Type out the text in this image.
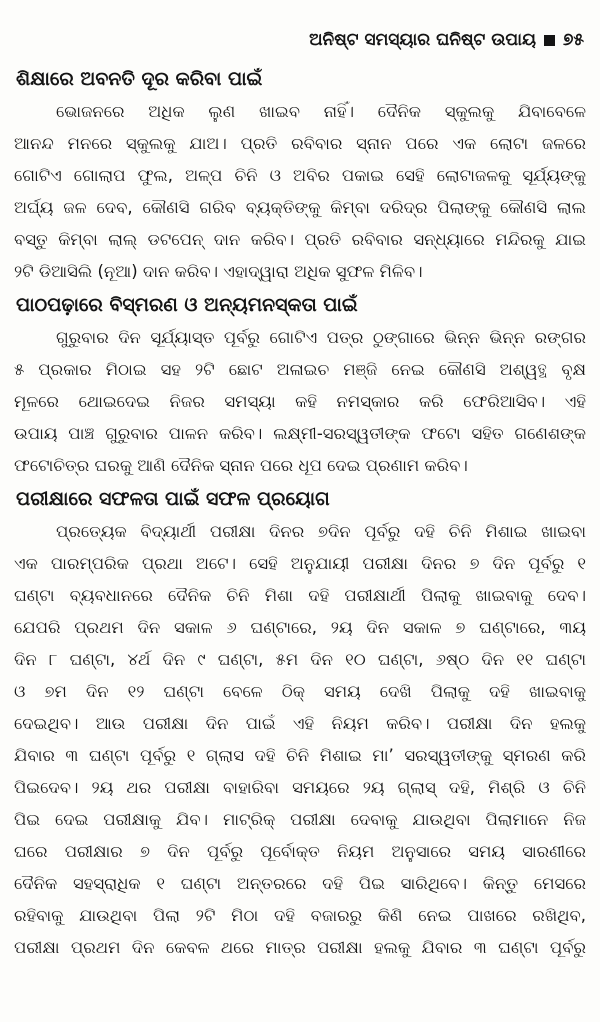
ଅନିଷ୍ଟ ସମସ୍ୟାର ଘନିଷ୍ଟ ଉପାୟ ୭୫
ଶିକ୍ଷାରେ ଅବନତି ଦୂର କରିବା ପାଇଁ
ଭୋଜନରେ ଅଧିକ ଲୁଣ ଖାଇବ ନାହିଁ। ଦୈନିକ ସ୍କୁଲକୁ ଯିବାବେଳେ
ଆନନ୍ଦ ମନରେ ସ୍କୁଲକୁ ଯାଅ। ପ୍ରତି ରବିବାର ସ୍ନାନ ପରେ ଏକ ଲୋଟା ଜଳରେ
ଗୋଟିଏ ଗୋଲାପ ଫୁଲ, ଅଳ୍ପ ଚିନି ଓ ଅବିର ପକାଇ ସେହି ଲୋଟାଜଳକୁ ସୂର୍ଯ୍ୟଙ୍କୁ
ଅର୍ଘ୍ୟ ଜଳ ଦେବ, କୌଣସି ଗରିବ ବ୍ୟକ୍ତିଙ୍କୁ କିମ୍ବା ଦରିଦ୍ର ପିଲାଙ୍କୁ କୌଣସି ଲାଲ
ବସ୍ତୁ କିମ୍ବା ଲାଲ୍ ଡଟପେନ୍ ଦାନ କରିବ। ପ୍ରତି ରବିବାର ସନ୍ଧ୍ୟାରେ ମନ୍ଦିରକୁ ଯାଇ
୨ଟି ଡିଆସିଲି (ନୂଆ) ଦାନ କରିବ। ଏହାଦ୍ୱାରା ଅଧିକ ସୁଫଳ ମିଳିବ।
ପାଠପଢ଼ାରେ ବିସ୍ମରଣ ଓ ଅନ୍ୟମନସ୍କତା ପାଇଁ
ଗୁରୁବାର ଦିନ ସୂର୍ଯ୍ୟାସ୍ତ ପୂର୍ବରୁ ଗୋଟିଏ ପତ୍ର ଠୁଙ୍ଗାରେ ଭିନ୍ନ ଭିନ୍ନ ରଙ୍ଗର
୫ ପ୍ରକାର ମିଠାଇ ସହ ୨ଟି ଛୋଟ ଅଳାଇଚ ମଞ୍ଜି ନେଇ କୌଣସି ଅଶ୍ୱତ୍ଥ ବୃକ୍ଷ
ମୂଳରେ ଥୋଇଦେଇ ନିଜର ସମସ୍ୟା କହି ନମସ୍କାର କରି ଫେରିଆସିବ। ଏହି
ଉପାୟ ପାଞ୍ଚ ଗୁରୁବାର ପାଳନ କରିବ। ଲକ୍ଷ୍ମୀ-ସରସ୍ୱତୀଙ୍କ ଫଟୋ ସହିତ ଗଣେଶଙ୍କ
ଫଟୋଚିତ୍ର ଘରକୁ ଆଣି ଦୈନିକ ସ୍ନାନ ପରେ ଧୂପ ଦେଇ ପ୍ରଣାମ କରିବ।
ପରୀକ୍ଷାରେ ସଫଳତା ପାଇଁ ସଫଳ ପ୍ରୟୋଗ
ପ୍ରତ୍ୟେକ ବିଦ୍ୟାର୍ଥୀ ପରୀକ୍ଷା ଦିନର ୭ଦିନ ପୂର୍ବରୁ ଦହି ଚିନି ମିଶାଇ ଖାଇବା
ଏକ ପାରମ୍ପରିକ ପ୍ରଥା ଅଟେ। ସେହି ଅନୁଯାୟୀ ପରୀକ୍ଷା ଦିନର ୭ ଦିନ ପୂର୍ବରୁ ୧
ଘଣ୍ଟା ବ୍ୟବଧାନରେ ଦୈନିକ ଚିନି ମିଶା ଦହି ପରୀକ୍ଷାର୍ଥୀ ପିଲାକୁ ଖାଇବାକୁ ଦେବ।
ଯେପରି ପ୍ରଥମ ଦିନ ସକାଳ ୬ ଘଣ୍ଟାରେ, ୨ୟ ଦିନ ସକାଳ ୭ ଘଣ୍ଟାରେ, ୩ୟ
ଦିନ ୮ ଘଣ୍ଟା, ୪ର୍ଥ ଦିନ ୯ ଘଣ୍ଟା, ୫ମ ଦିନ ୧୦ ଘଣ୍ଟା, ୬ଷ୍ଠ ଦିନ ୧୧ ଘଣ୍ଟା
ଓ ୭ମ ଦିନ ୧୨ ଘଣ୍ଟା ବେଳେ ଠିକ୍ ସମୟ ଦେଖି ପିଲାକୁ ଦହି ଖାଇବାକୁ
ଦେଇଥିବ। ଆଉ ପରୀକ୍ଷା ଦିନ ପାଇଁ ଏହି ନିୟମ କରିବ। ପରୀକ୍ଷା ଦିନ ହଲକୁ
ଯିବାର ୩ ଘଣ୍ଟା ପୂର୍ବରୁ ୧ ଗ୍ଲାସ ଦହି ଚିନି ମିଶାଇ ମା’ ସରସ୍ୱତୀଙ୍କୁ ସ୍ମରଣ କରି
ପିଇଦେବ। ୨ୟ ଥର ପରୀକ୍ଷା ବାହାରିବା ସମୟରେ ୨ୟ ଗ୍ଲାସ୍ ଦହି, ମିଶ୍ରି ଓ ଚିନି
ପିଇ ଦେଇ ପରୀକ୍ଷାକୁ ଯିବ। ମାଟ୍ରିକ୍ ପରୀକ୍ଷା ଦେବାକୁ ଯାଉଥିବା ପିଲାମାନେ ନିଜ
ଘରେ ପରୀକ୍ଷାର ୭ ଦିନ ପୂର୍ବରୁ ପୂର୍ବୋକ୍ତ ନିୟମ ଅନୁସାରେ ସମୟ ସାରଣୀରେ
ଦୈନିକ ସହସ୍ରାଧିକ ୧ ଘଣ୍ଟା ଅନ୍ତରରେ ଦହି ପିଇ ସାରିଥିବେ। କିନ୍ତୁ ମେସରେ
ରହିବାକୁ ଯାଉଥିବା ପିଲା ୨ଟି ମିଠା ଦହି ବଜାରରୁ କିଣି ନେଇ ପାଖରେ ରଖିଥିବ,
ପରୀକ୍ଷା ପ୍ରଥମ ଦିନ କେବଳ ଥରେ ମାତ୍ର ପରୀକ୍ଷା ହଲକୁ ଯିବାର ୩ ଘଣ୍ଟା ପୂର୍ବରୁ
